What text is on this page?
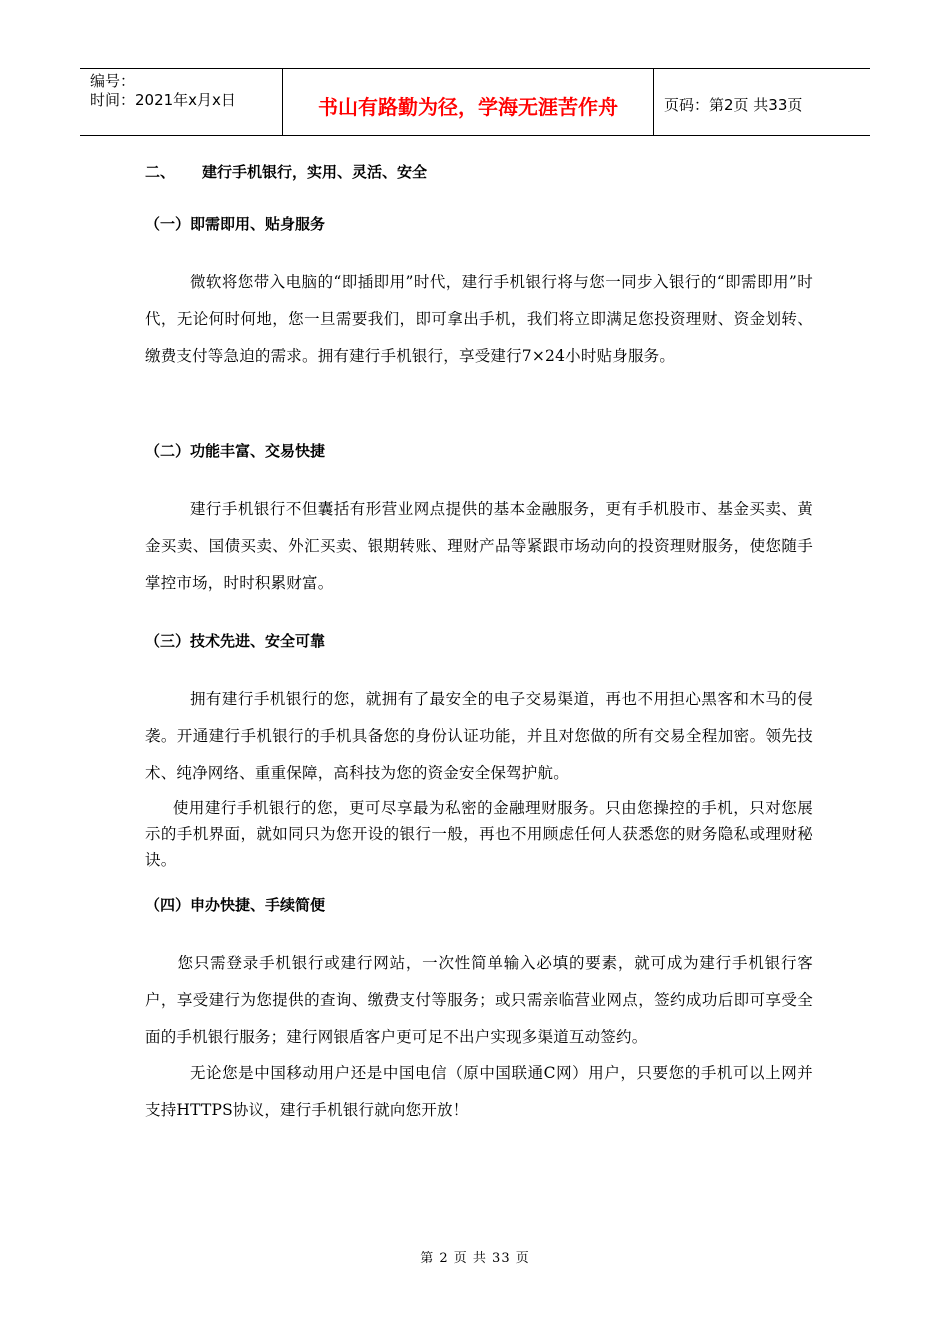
编号：
时间：2021年x月x日	书山有路勤为径，学海无涯苦作舟	页码：第2页 共33页
二、 建行手机银行，实用、灵活、安全
（一）即需即用、贴身服务
微软将您带入电脑的“即插即用”时代，建行手机银行将与您一同步入银行的“即需即用”时代，无论何时何地，您一旦需要我们，即可拿出手机，我们将立即满足您投资理财、资金划转、缴费支付等急迫的需求。拥有建行手机银行，享受建行7×24小时贴身服务。
（二）功能丰富、交易快捷
建行手机银行不但囊括有形营业网点提供的基本金融服务，更有手机股市、基金买卖、黄金买卖、国债买卖、外汇买卖、银期转账、理财产品等紧跟市场动向的投资理财服务，使您随手掌控市场，时时积累财富。
（三）技术先进、安全可靠
拥有建行手机银行的您，就拥有了最安全的电子交易渠道，再也不用担心黑客和木马的侵袭。开通建行手机银行的手机具备您的身份认证功能，并且对您做的所有交易全程加密。领先技术、纯净网络、重重保障，高科技为您的资金安全保驾护航。
使用建行手机银行的您，更可尽享最为私密的金融理财服务。只由您操控的手机，只对您展示的手机界面，就如同只为您开设的银行一般，再也不用顾虑任何人获悉您的财务隐私或理财秘诀。
（四）申办快捷、手续简便
您只需登录手机银行或建行网站，一次性简单输入必填的要素，就可成为建行手机银行客户，享受建行为您提供的查询、缴费支付等服务；或只需亲临营业网点，签约成功后即可享受全面的手机银行服务；建行网银盾客户更可足不出户实现多渠道互动签约。
无论您是中国移动用户还是中国电信（原中国联通C网）用户，只要您的手机可以上网并支持HTTPS协议，建行手机银行就向您开放！
第 2 页 共 33 页
